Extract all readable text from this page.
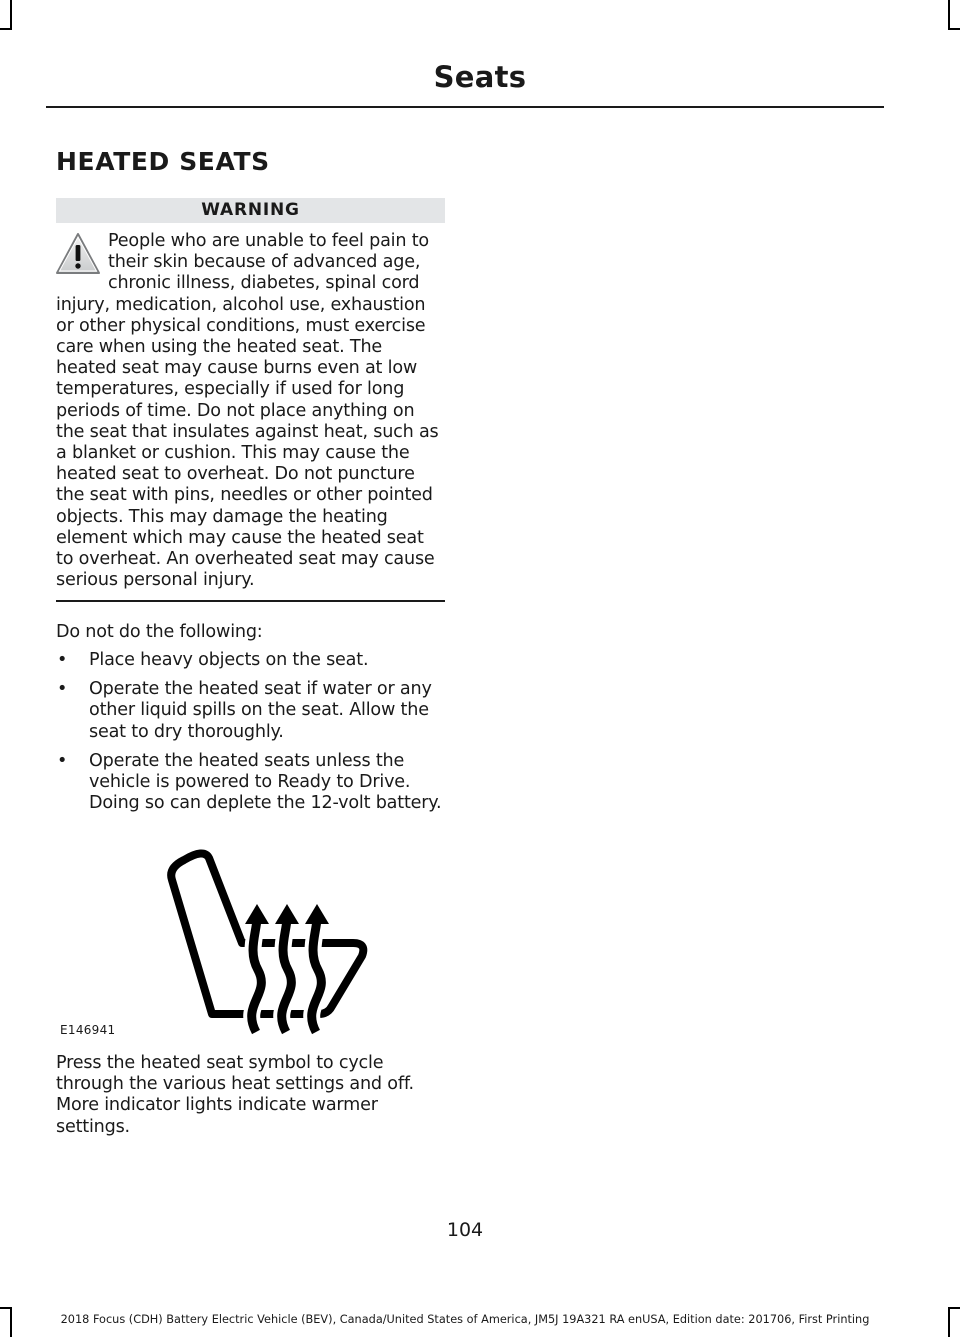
Seats
HEATED SEATS
WARNING

People who are unable to feel pain to their skin because of advanced age, chronic illness, diabetes, spinal cord injury, medication, alcohol use, exhaustion or other physical conditions, must exercise care when using the heated seat. The heated seat may cause burns even at low temperatures, especially if used for long periods of time. Do not place anything on the seat that insulates against heat, such as a blanket or cushion. This may cause the heated seat to overheat. Do not puncture the seat with pins, needles or other pointed objects. This may damage the heating element which may cause the heated seat to overheat. An overheated seat may cause serious personal injury.

Do not do the following:

• Place heavy objects on the seat.
• Operate the heated seat if water or any other liquid spills on the seat. Allow the seat to dry thoroughly.
• Operate the heated seats unless the vehicle is powered to Ready to Drive. Doing so can deplete the 12-volt battery.
E146941

Press the heated seat symbol to cycle through the various heat settings and off. More indicator lights indicate warmer settings.

104
2018 Focus (CDH) Battery Electric Vehicle (BEV), Canada/United States of America, JM5J 19A321 RA enUSA, Edition date: 201706, First Printing
